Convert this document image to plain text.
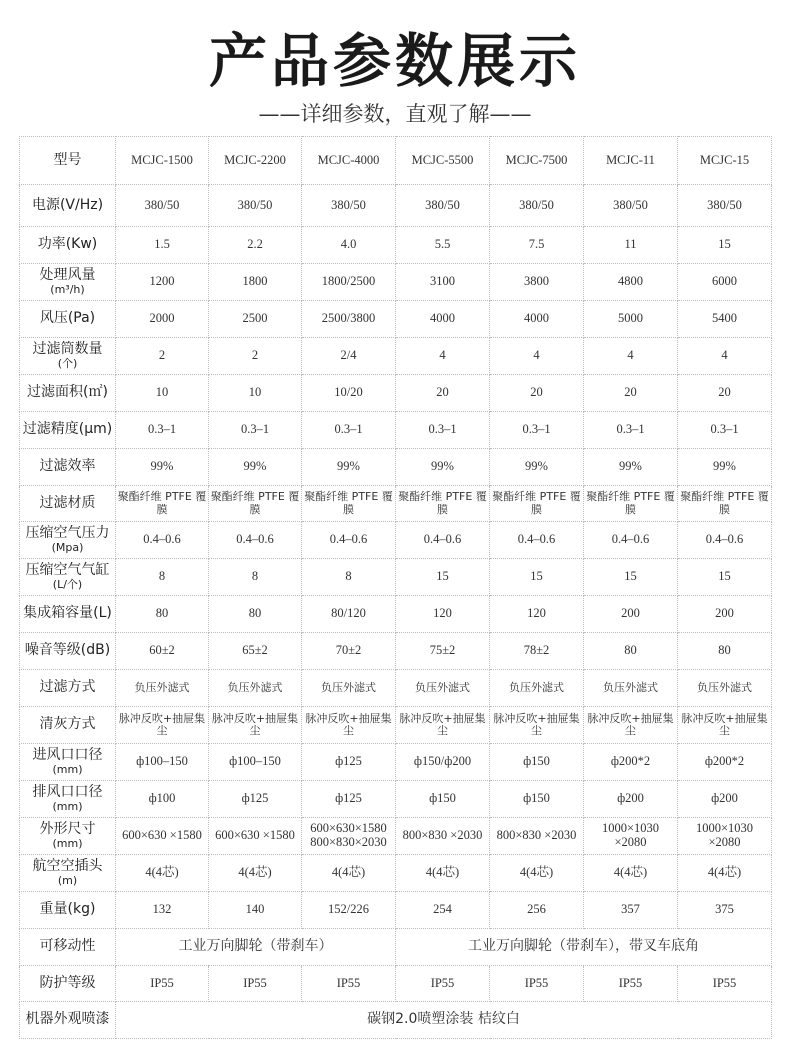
产品参数展示
——详细参数，直观了解——
型号	MCJC-1500	MCJC-2200	MCJC-4000	MCJC-5500	MCJC-7500	MCJC-11	MCJC-15
电源(V/Hz)	380/50	380/50	380/50	380/50	380/50	380/50	380/50
功率(Kw)	1.5	2.2	4.0	5.5	7.5	11	15
处理风量
(m³/h)	1200	1800	1800/2500	3100	3800	4800	6000
风压(Pa)	2000	2500	2500/3800	4000	4000	5000	5400
过滤筒数量
(个)	2	2	2/4	4	4	4	4
过滤面积(㎡)	10	10	10/20	20	20	20	20
过滤精度(μm)	0.3–1	0.3–1	0.3–1	0.3–1	0.3–1	0.3–1	0.3–1
过滤效率	99%	99%	99%	99%	99%	99%	99%
过滤材质	聚酯纤维 PTFE 覆膜	聚酯纤维 PTFE 覆膜	聚酯纤维 PTFE 覆膜	聚酯纤维 PTFE 覆膜	聚酯纤维 PTFE 覆膜	聚酯纤维 PTFE 覆膜	聚酯纤维 PTFE 覆膜
压缩空气压力
(Mpa)	0.4–0.6	0.4–0.6	0.4–0.6	0.4–0.6	0.4–0.6	0.4–0.6	0.4–0.6
压缩空气气缸
(L/个)	8	8	8	15	15	15	15
集成箱容量(L)	80	80	80/120	120	120	200	200
噪音等级(dB)	60±2	65±2	70±2	75±2	78±2	80	80
过滤方式	负压外滤式	负压外滤式	负压外滤式	负压外滤式	负压外滤式	负压外滤式	负压外滤式
清灰方式	脉冲反吹+抽屉集尘	脉冲反吹+抽屉集尘	脉冲反吹+抽屉集尘	脉冲反吹+抽屉集尘	脉冲反吹+抽屉集尘	脉冲反吹+抽屉集尘	脉冲反吹+抽屉集尘
进风口口径
(mm)	ф100–150	ф100–150	ф125	ф150/ф200	ф150	ф200*2	ф200*2
排风口口径
(mm)	ф100	ф125	ф125	ф150	ф150	ф200	ф200
外形尺寸
(mm)	600×630 ×1580	600×630 ×1580	600×630×1580 800×830×2030	800×830 ×2030	800×830 ×2030	1000×1030 ×2080	1000×1030 ×2080
航空空插头
(m)	4(4芯)	4(4芯)	4(4芯)	4(4芯)	4(4芯)	4(4芯)	4(4芯)
重量(kg)	132	140	152/226	254	256	357	375
可移动性	工业万向脚轮（带刹车）			工业万向脚轮（带刹车），带叉车底角			
防护等级	IP55	IP55	IP55	IP55	IP55	IP55	IP55
机器外观喷漆	碳钢2.0喷塑涂装 桔纹白						
